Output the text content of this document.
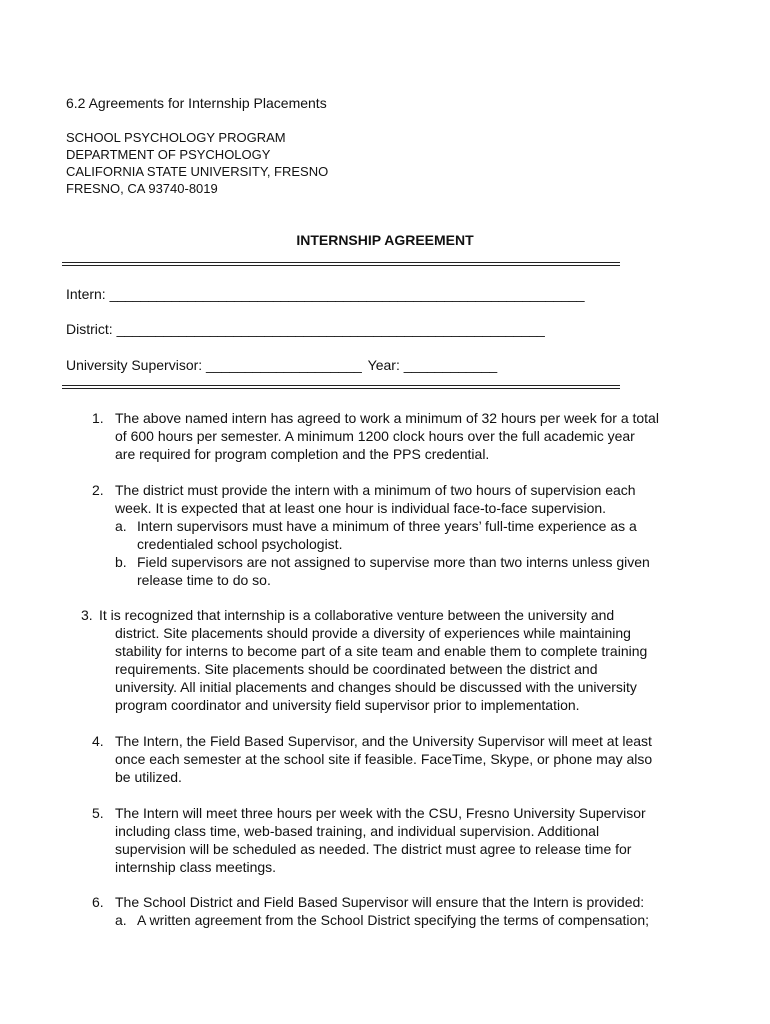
6.2 Agreements for Internship Placements
SCHOOL PSYCHOLOGY PROGRAM
DEPARTMENT OF PSYCHOLOGY
CALIFORNIA STATE UNIVERSITY, FRESNO
FRESNO, CA 93740-8019
INTERNSHIP AGREEMENT
Intern: _____________________________________________________________
District: _______________________________________________________
University Supervisor: ____________________ Year: ____________
1. The above named intern has agreed to work a minimum of 32 hours per week for a total
of 600 hours per semester. A minimum 1200 clock hours over the full academic year
are required for program completion and the PPS credential.
2. The district must provide the intern with a minimum of two hours of supervision each
week. It is expected that at least one hour is individual face-to-face supervision.
a. Intern supervisors must have a minimum of three years’ full-time experience as a
credentialed school psychologist.
b. Field supervisors are not assigned to supervise more than two interns unless given
release time to do so.
3. It is recognized that internship is a collaborative venture between the university and
district. Site placements should provide a diversity of experiences while maintaining
stability for interns to become part of a site team and enable them to complete training
requirements. Site placements should be coordinated between the district and
university. All initial placements and changes should be discussed with the university
program coordinator and university field supervisor prior to implementation.
4. The Intern, the Field Based Supervisor, and the University Supervisor will meet at least
once each semester at the school site if feasible. FaceTime, Skype, or phone may also
be utilized.
5. The Intern will meet three hours per week with the CSU, Fresno University Supervisor
including class time, web-based training, and individual supervision. Additional
supervision will be scheduled as needed. The district must agree to release time for
internship class meetings.
6. The School District and Field Based Supervisor will ensure that the Intern is provided:
a. A written agreement from the School District specifying the terms of compensation;
